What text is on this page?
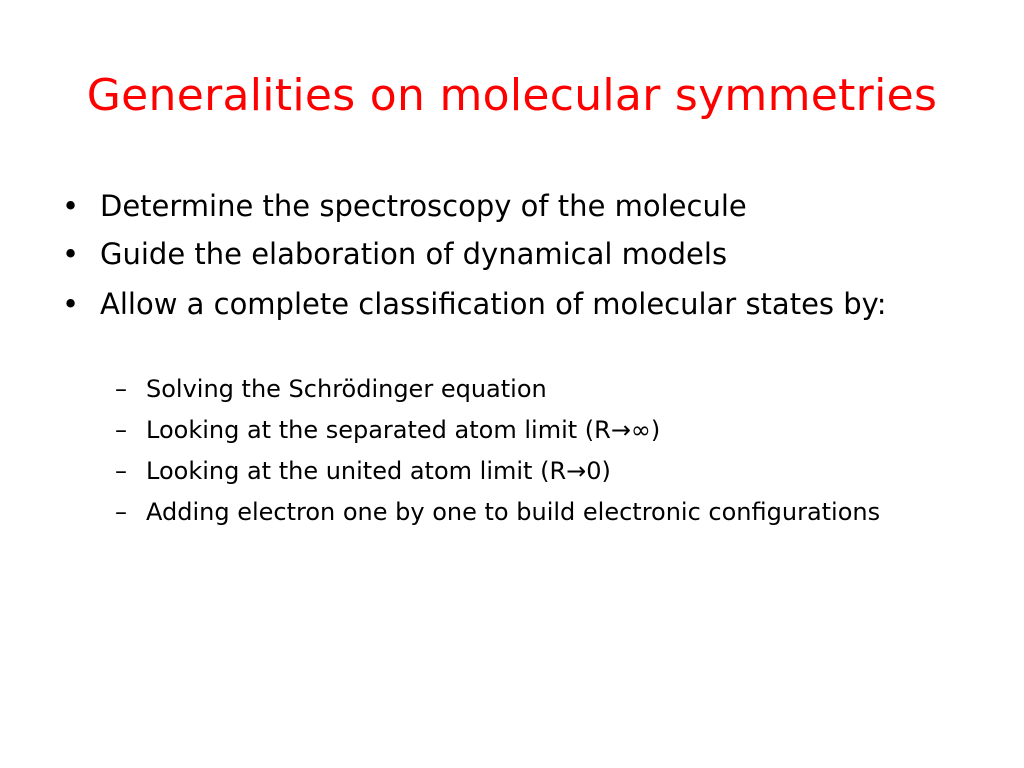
Generalities on molecular symmetries
• Determine the spectroscopy of the molecule
• Guide the elaboration of dynamical models
• Allow a complete classification of molecular states by:
– Solving the Schrödinger equation
– Looking at the separated atom limit (R→∞)
– Looking at the united atom limit (R→0)
– Adding electron one by one to build electronic configurations
